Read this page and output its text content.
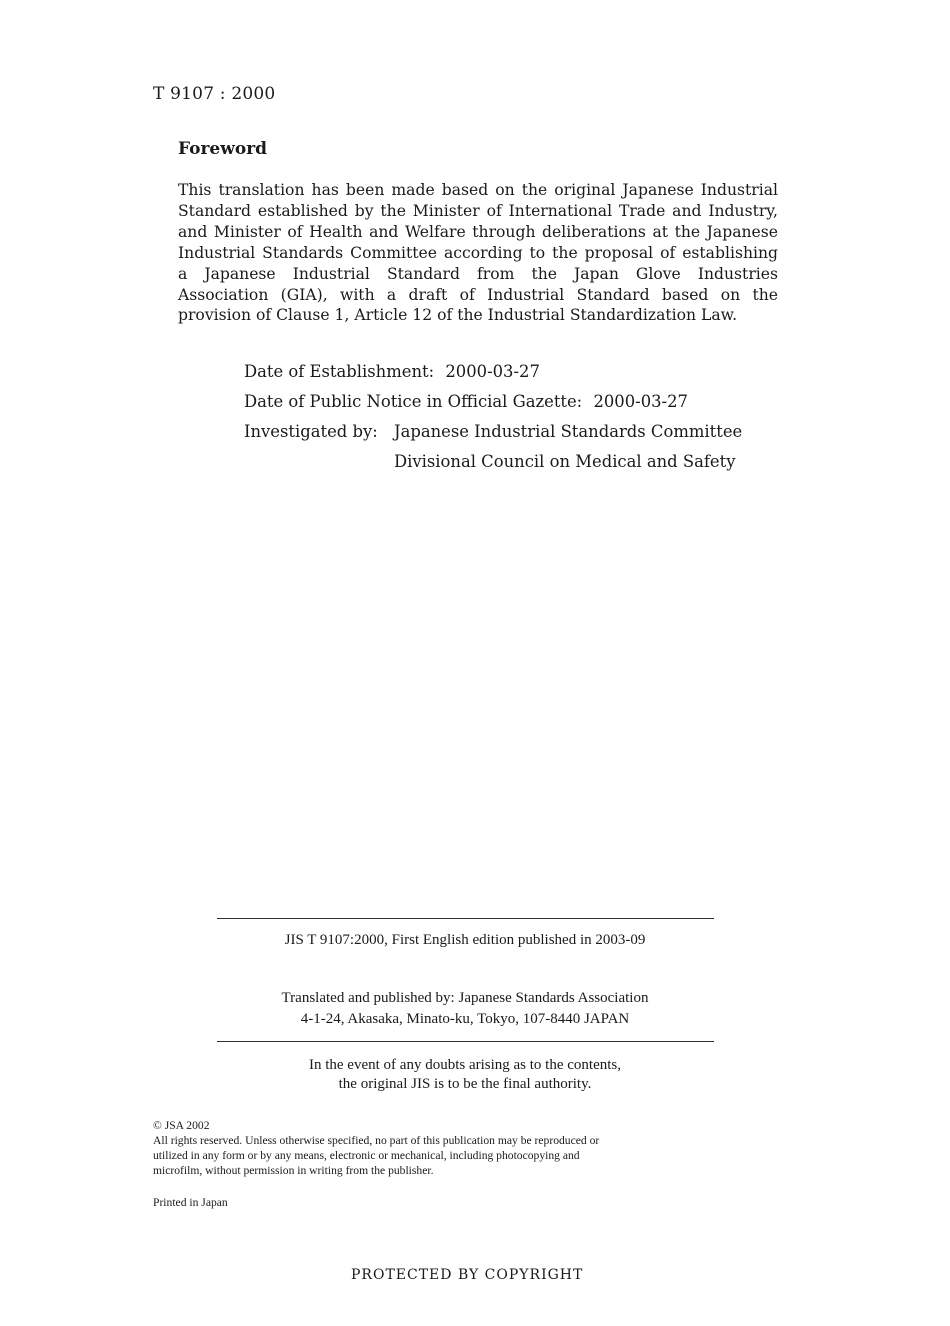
T 9107 : 2000
Foreword
This translation has been made based on the original Japanese Industrial
Standard established by the Minister of International Trade and Industry,
and Minister of Health and Welfare through deliberations at the Japanese
Industrial Standards Committee according to the proposal of establishing
a Japanese Industrial Standard from the Japan Glove Industries
Association (GIA), with a draft of Industrial Standard based on the
provision of Clause 1, Article 12 of the Industrial Standardization Law.
Date of Establishment: 2000-03-27
Date of Public Notice in Official Gazette: 2000-03-27
Investigated by: Japanese Industrial Standards Committee
Divisional Council on Medical and Safety
JIS T 9107:2000, First English edition published in 2003-09
Translated and published by: Japanese Standards Association
4-1-24, Akasaka, Minato-ku, Tokyo, 107-8440 JAPAN
In the event of any doubts arising as to the contents,
the original JIS is to be the final authority.
© JSA 2002
All rights reserved. Unless otherwise specified, no part of this publication may be reproduced or
utilized in any form or by any means, electronic or mechanical, including photocopying and
microfilm, without permission in writing from the publisher.
Printed in Japan
PROTECTED BY COPYRIGHT
